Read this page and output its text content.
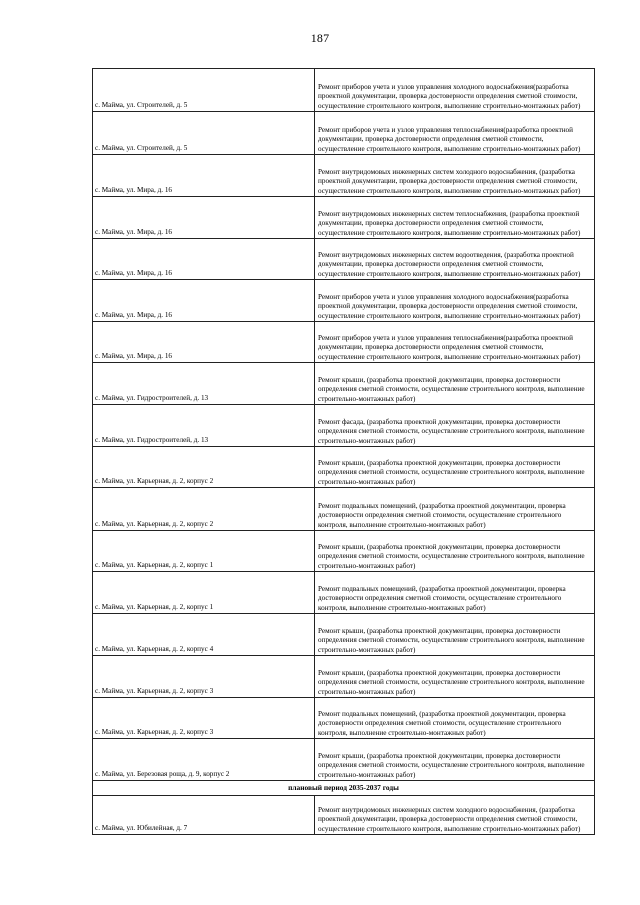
187
с. Майма, ул. Строителей, д. 5	Ремонт приборов учета и узлов управления холодного водоснабжения(разработка проектной документации, проверка достоверности определения сметной стоимости, осуществление строительного контроля, выполнение строительно-монтажных работ)
с. Майма, ул. Строителей, д. 5	Ремонт приборов учета и узлов управления теплоснабжения(разработка проектной документации, проверка достоверности определения сметной стоимости, осуществление строительного контроля, выполнение строительно-монтажных работ)
с. Майма, ул. Мира, д. 16	Ремонт внутридомовых инженерных систем холодного водоснабжения, (разработка проектной документации, проверка достоверности определения сметной стоимости, осуществление строительного контроля, выполнение строительно-монтажных работ)
с. Майма, ул. Мира, д. 16	Ремонт внутридомовых инженерных систем теплоснабжения, (разработка проектной документации, проверка достоверности определения сметной стоимости, осуществление строительного контроля, выполнение строительно-монтажных работ)
с. Майма, ул. Мира, д. 16	Ремонт внутридомовых инженерных систем водоотведения, (разработка проектной документации, проверка достоверности определения сметной стоимости, осуществление строительного контроля, выполнение строительно-монтажных работ)
с. Майма, ул. Мира, д. 16	Ремонт приборов учета и узлов управления холодного водоснабжения(разработка проектной документации, проверка достоверности определения сметной стоимости, осуществление строительного контроля, выполнение строительно-монтажных работ)
с. Майма, ул. Мира, д. 16	Ремонт приборов учета и узлов управления теплоснабжения(разработка проектной документации, проверка достоверности определения сметной стоимости, осуществление строительного контроля, выполнение строительно-монтажных работ)
с. Майма, ул. Гидростроителей, д. 13	Ремонт крыши, (разработка проектной документации, проверка достоверности определения сметной стоимости, осуществление строительного контроля, выполнение строительно-монтажных работ)
с. Майма, ул. Гидростроителей, д. 13	Ремонт фасада, (разработка проектной документации, проверка достоверности определения сметной стоимости, осуществление строительного контроля, выполнение строительно-монтажных работ)
с. Майма, ул. Карьерная, д. 2, корпус 2	Ремонт крыши, (разработка проектной документации, проверка достоверности определения сметной стоимости, осуществление строительного контроля, выполнение строительно-монтажных работ)
с. Майма, ул. Карьерная, д. 2, корпус 2	Ремонт подвальных помещений, (разработка проектной документации, проверка достоверности определения сметной стоимости, осуществление строительного контроля, выполнение строительно-монтажных работ)
с. Майма, ул. Карьерная, д. 2, корпус 1	Ремонт крыши, (разработка проектной документации, проверка достоверности определения сметной стоимости, осуществление строительного контроля, выполнение строительно-монтажных работ)
с. Майма, ул. Карьерная, д. 2, корпус 1	Ремонт подвальных помещений, (разработка проектной документации, проверка достоверности определения сметной стоимости, осуществление строительного контроля, выполнение строительно-монтажных работ)
с. Майма, ул. Карьерная, д. 2, корпус 4	Ремонт крыши, (разработка проектной документации, проверка достоверности определения сметной стоимости, осуществление строительного контроля, выполнение строительно-монтажных работ)
с. Майма, ул. Карьерная, д. 2, корпус 3	Ремонт крыши, (разработка проектной документации, проверка достоверности определения сметной стоимости, осуществление строительного контроля, выполнение строительно-монтажных работ)
с. Майма, ул. Карьерная, д. 2, корпус 3	Ремонт подвальных помещений, (разработка проектной документации, проверка достоверности определения сметной стоимости, осуществление строительного контроля, выполнение строительно-монтажных работ)
с. Майма, ул. Березовая роща, д. 9, корпус 2	Ремонт крыши, (разработка проектной документации, проверка достоверности определения сметной стоимости, осуществление строительного контроля, выполнение строительно-монтажных работ)
плановый период 2035-2037 годы	
с. Майма, ул. Юбилейная, д. 7	Ремонт внутридомовых инженерных систем холодного водоснабжения, (разработка проектной документации, проверка достоверности определения сметной стоимости, осуществление строительного контроля, выполнение строительно-монтажных работ)
